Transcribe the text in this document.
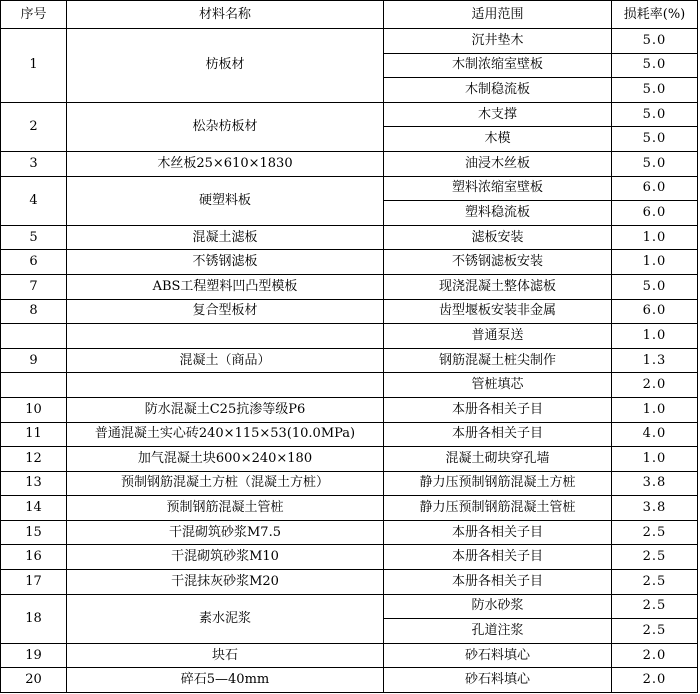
序号	材料名称	适用范围	损耗率(%)
1	枋板材	沉井垫木	5.0
		木制浓缩室壁板	5.0
		木制稳流板	5.0
2	松杂枋板材	木支撑	5.0
		木模	5.0
3	木丝板25×610×1830	油浸木丝板	5.0
4	硬塑料板	塑料浓缩室壁板	6.0
		塑料稳流板	6.0
5	混凝土滤板	滤板安装	1.0
6	不锈钢滤板	不锈钢滤板安装	1.0
7	ABS工程塑料凹凸型模板	现浇混凝土整体滤板	5.0
8	复合型板材	齿型堰板安装非金属	6.0
		普通泵送	1.0
9	混凝土（商品）	钢筋混凝土桩尖制作	1.3
		管桩填芯	2.0
10	防水混凝土C25抗渗等级P6	本册各相关子目	1.0
11	普通混凝土实心砖240×115×53(10.0MPa)	本册各相关子目	4.0
12	加气混凝土块600×240×180	混凝土砌块穿孔墙	1.0
13	预制钢筋混凝土方桩（混凝土方桩）	静力压预制钢筋混凝土方桩	3.8
14	预制钢筋混凝土管桩	静力压预制钢筋混凝土管桩	3.8
15	干混砌筑砂浆M7.5	本册各相关子目	2.5
16	干混砌筑砂浆M10	本册各相关子目	2.5
17	干混抹灰砂浆M20	本册各相关子目	2.5
18	素水泥浆	防水砂浆	2.5
		孔道注浆	2.5
19	块石	砂石料填心	2.0
20	碎石5—40mm	砂石料填心	2.0
